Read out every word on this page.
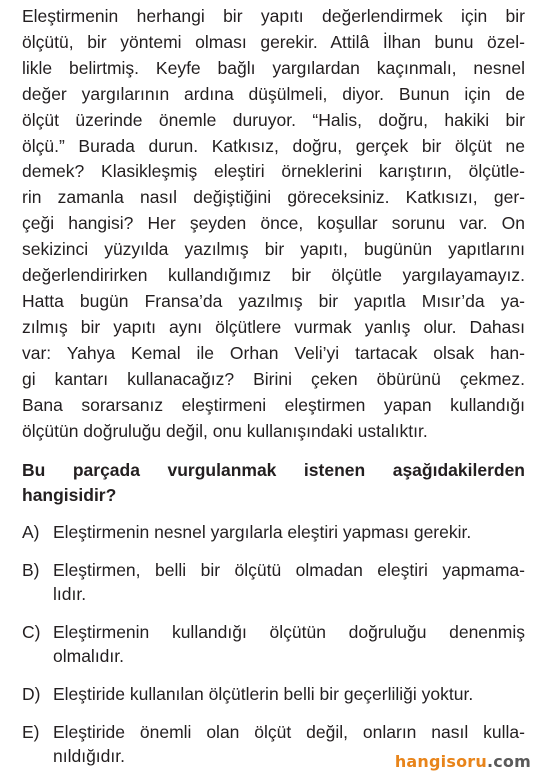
Eleştirmenin herhangi bir yapıtı değerlendirmek için bir
ölçütü, bir yöntemi olması gerekir. Attilâ İlhan bunu özel-
likle belirtmiş. Keyfe bağlı yargılardan kaçınmalı, nesnel
değer yargılarının ardına düşülmeli, diyor. Bunun için de
ölçüt üzerinde önemle duruyor. “Halis, doğru, hakiki bir
ölçü.” Burada durun. Katkısız, doğru, gerçek bir ölçüt ne
demek? Klasikleşmiş eleştiri örneklerini karıştırın, ölçütle-
rin zamanla nasıl değiştiğini göreceksiniz. Katkısızı, ger-
çeği hangisi? Her şeyden önce, koşullar sorunu var. On
sekizinci yüzyılda yazılmış bir yapıtı, bugünün yapıtlarını
değerlendirirken kullandığımız bir ölçütle yargılayamayız.
Hatta bugün Fransa’da yazılmış bir yapıtla Mısır’da ya-
zılmış bir yapıtı aynı ölçütlere vurmak yanlış olur. Dahası
var: Yahya Kemal ile Orhan Veli’yi tartacak olsak han-
gi kantarı kullanacağız? Birini çeken öbürünü çekmez.
Bana sorarsanız eleştirmeni eleştirmen yapan kullandığı
ölçütün doğruluğu değil, onu kullanışındaki ustalıktır.
Bu parçada vurgulanmak istenen aşağıdakilerden
hangisidir?
A) Eleştirmenin nesnel yargılarla eleştiri yapması gerekir.
B) Eleştirmen, belli bir ölçütü olmadan eleştiri yapmama-
lıdır.
C) Eleştirmenin kullandığı ölçütün doğruluğu denenmiş
olmalıdır.
D) Eleştiride kullanılan ölçütlerin belli bir geçerliliği yoktur.
E) Eleştiride önemli olan ölçüt değil, onların nasıl kulla-
nıldığıdır.	hangisoru.com
